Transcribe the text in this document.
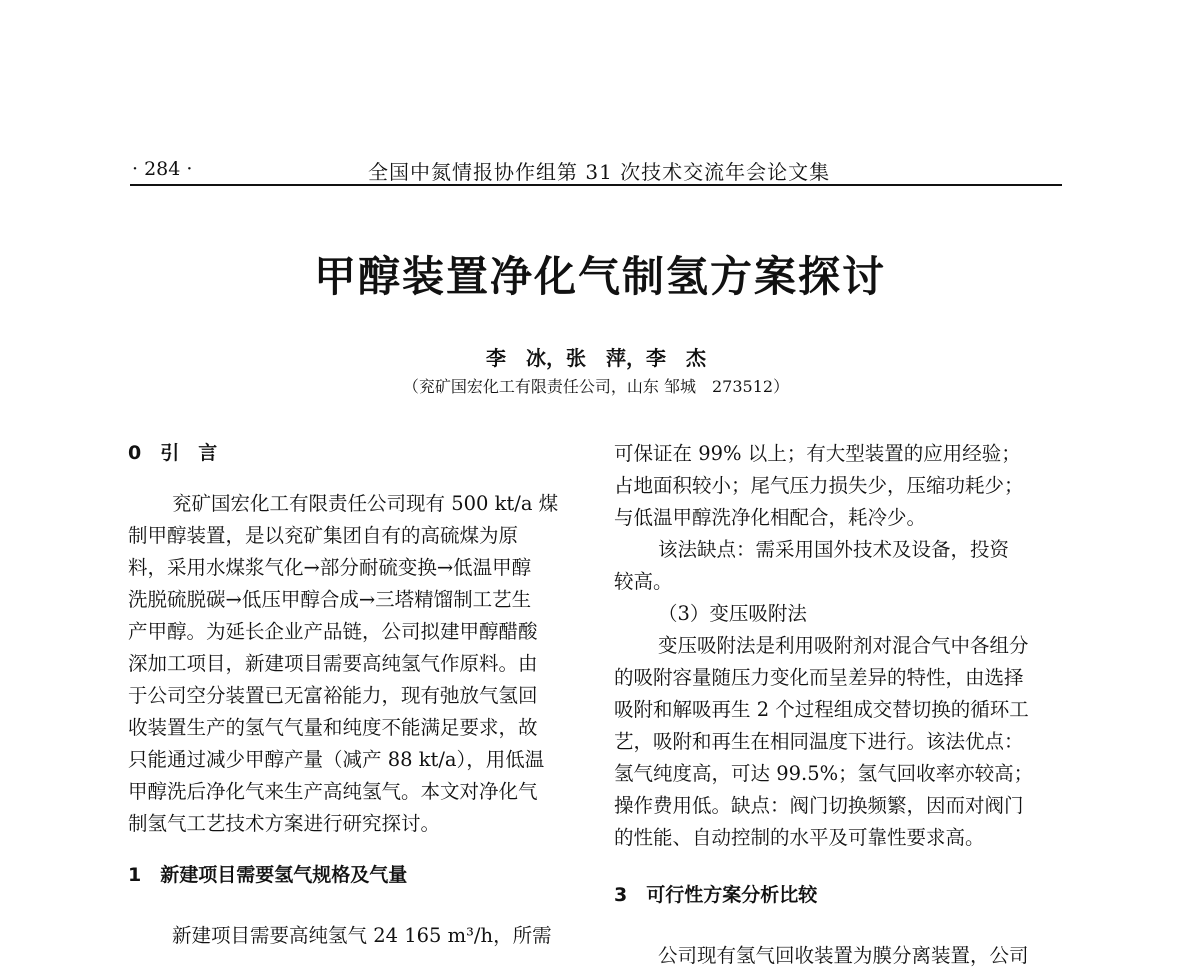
· 284 ·	全国中氮情报协作组第 31 次技术交流年会论文集
甲醇装置净化气制氢方案探讨
李　冰，张　萍，李　杰
（兖矿国宏化工有限责任公司，山东 邹城　273512）
0　引　言
兖矿国宏化工有限责任公司现有 500 kt/a 煤
制甲醇装置，是以兖矿集团自有的高硫煤为原
料，采用水煤浆气化→部分耐硫变换→低温甲醇
洗脱硫脱碳→低压甲醇合成→三塔精馏制工艺生
产甲醇。为延长企业产品链，公司拟建甲醇醋酸
深加工项目，新建项目需要高纯氢气作原料。由
于公司空分装置已无富裕能力，现有弛放气氢回
收装置生产的氢气气量和纯度不能满足要求，故
只能通过减少甲醇产量（减产 88 kt/a），用低温
甲醇洗后净化气来生产高纯氢气。本文对净化气
制氢气工艺技术方案进行研究探讨。
1　新建项目需要氢气规格及气量
新建项目需要高纯氢气 24 165 m³/h，所需
可保证在 99% 以上；有大型装置的应用经验；
占地面积较小；尾气压力损失少，压缩功耗少；
与低温甲醇洗净化相配合，耗冷少。
该法缺点：需采用国外技术及设备，投资
较高。
（3）变压吸附法
变压吸附法是利用吸附剂对混合气中各组分
的吸附容量随压力变化而呈差异的特性，由选择
吸附和解吸再生 2 个过程组成交替切换的循环工
艺，吸附和再生在相同温度下进行。该法优点：
氢气纯度高，可达 99.5%；氢气回收率亦较高；
操作费用低。缺点：阀门切换频繁，因而对阀门
的性能、自动控制的水平及可靠性要求高。
3　可行性方案分析比较
公司现有氢气回收装置为膜分离装置，公司
